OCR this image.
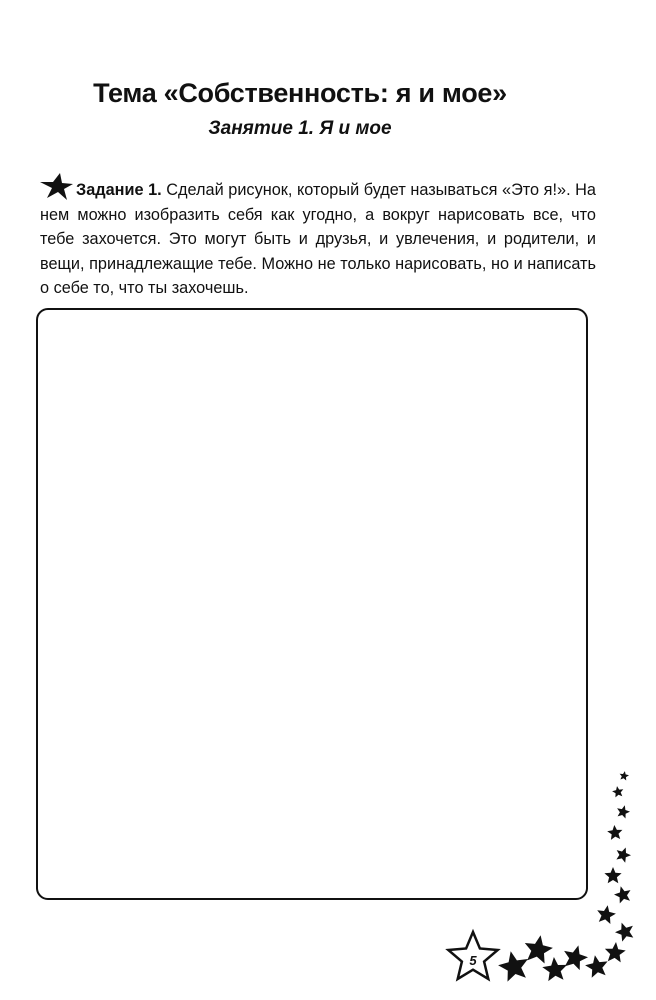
Тема «Собственность: я и мое»
Занятие 1. Я и мое
Задание 1. Сделай рисунок, который будет называться «Это я!». На нем можно изобразить себя как угодно, а вокруг нарисовать все, что тебе захочется. Это могут быть и друзья, и увлечения, и родители, и вещи, принадлежащие тебе. Можно не только нарисовать, но и написать о себе то, что ты захочешь.
5
